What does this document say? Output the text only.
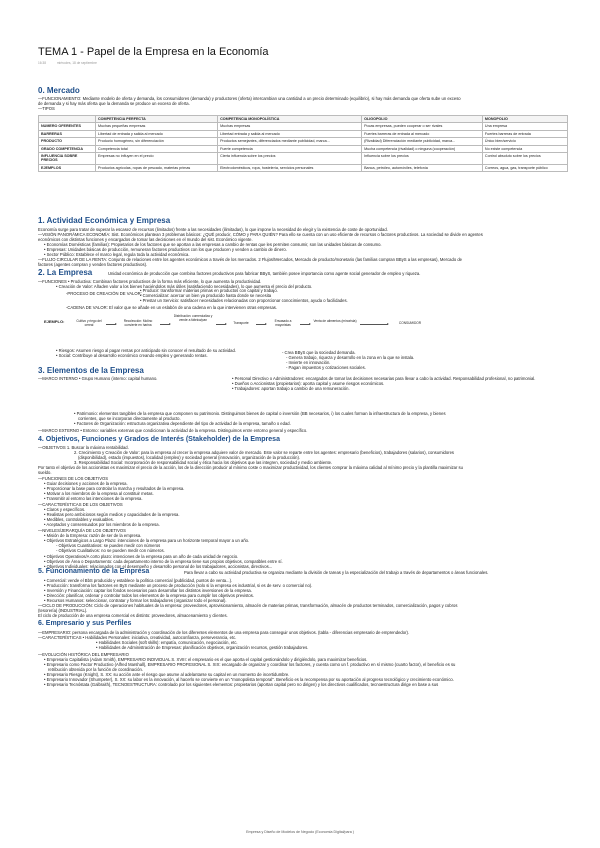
TEMA 1 - Papel de la Empresa en la Economía
16:38	miércoles, 18 de septiembre
0. Mercado
—FUNCIONAMIENTO: Mediante modelo de oferta y demanda, los consumidores (demanda) y productores (oferta) intercambian una cantidad a un precio determinado (equilibrio), si hay más demanda que oferta sube un exceso
de demanda y si hay más oferta que la demanda se produce un exceso de oferta.
—TIPOS
	COMPETENCIA PERFECTA	COMPETENCIA MONOPOLÍSTICA	OLIGOPOLIO	MONOPOLIO
NUMERO OFERENTES	Muchas pequeñas empresas	Muchas empresas	Pocas empresas, pueden cooperar o ser rivales	Una empresa
BARRERAS	Libertad de entrada y salida al mercado	Libertad entrada y salida al mercado	Fuertes barreras de entrada al mercado	Fuertes barreras de entrada
PRODUCTO	Producto homogéneo, sin diferenciación	Productos semejantes, diferenciados mediante publicidad, marca...	(Rivalidad) Diferenciación mediante publicidad, marca...	Único bien/servicio
GRADO COMPETENCIA	Competencia total	Fuerte competencia	Mucha competencia (rivalidad) o ninguna (cooperación)	No existe competencia
INFLUENCIA SOBRE PRECIOS	Empresas no influyen en el precio	Cierta influencia sobre los precios	Influencia sobre los precios	Control absoluto sobre los precios
EJEMPLOS	Productos agrícolas, ropas de pescado, materias primas	Electrodomésticos, ropa, hostelería, servicios personales	Banca, petróleo, automóviles, telefonía	Correos, agua, gas, transporte público
1. Actividad Económica y Empresa
Economía surge para tratar de superar la escasez de recursos (limitados) frente a las necesidades (ilimitadas), lo que impone la necesidad de elegir y la existencia de coste de oportunidad.
—VISIÓN PANORÁMICA ECONOMÍA: Sist. Económicos plantean 3 problemas básicos: ¿QUÉ producir, CÓMO y PARA QUIÉN? Para ello se cuenta con un uso eficiente de recursos o factores productivos. La sociedad se divide en agentes
económicos con distintas funciones y encargados de tomar las decisiones en el mundo del sist. Económico vigente.
• Economías Domésticas (familias): Propietarios de los factores que se aportan a las empresas a cambio de rentas que les permiten consumir, son las unidades básicas de consumo.
• Empresas: Unidades básicas de producción, remuneran factores productivos con los que producen y venden a cambio de dinero.
• Sector Público: Establece el marco legal, regula toda la actividad económica.
—FLUJO CIRCULAR DE LA RENTA: Conjunto de relaciones entre los agentes económicos a través de los mercados. 2 Flujos/Mercados, Mercado de producto/monetario (las familias compran BByS a las empresas), Mercado de
factores (agentes compran y venden factores productivos).
2. La Empresa	Unidad económica de producción que combina factores productivos para fabricar BByS, también posee importancia como agente social generador de empleo y riqueza.
—FUNCIONES • Productiva: Combinan factores productivos de la forma más eficiente, lo que aumenta la productividad.
• Creación de Valor: Añaden valor a los bienes haciéndolos más útiles (satisfaciendo necesidades), lo que aumenta el precio del producto.
-PROCESO DE CREACIÓN DE VALOR:
• Producir: transformar materias primas en productos con capital y trabajo.
• Comercializar: acercar un bien ya producido hasta donde se necesita
• Prestar un Servicio: satisfacer necesidades relacionadas con proporcionar conocimientos, ayuda o facilidades.
-CADENA DE VALOR: El valor que se añade en un eslabón de una cadena en la que intervienen otras empresas.
EJEMPLO:	Cultivo y riego del cereal
Recolección: Molino convierte en harina
Distribución: comercializa y vende a fábrica/pan
Transporte	Envasado a mayoristas
Venta de alimentos (minorista)	CONSUMIDOR
• Riesgos: Asumen riesgo al pagar rentas por anticipado sin conocer el resultado de su actividad.
• Social: Contribuye al desarrollo económico creando empleo y generando rentas.
- Crea BByS que la sociedad demanda.
- Genera trabajo, riqueza y desarrollo en la zona en la que se instala.
- Invierte en innovación.
- Pagan impuestos y cotizaciones sociales.
3. Elementos de la Empresa
—MARCO INTERNO • Grupo Humano (interno: capital humano.	• Personal Directivo o Administradores: encargados de tomar las decisiones necesarias para llevar a cabo la actividad. Responsabilidad profesional, no patrimonial.
• Dueños o Accionistas (propietarios): aporta capital y asume riesgos económicos.
• Trabajadores: aportan trabajo a cambio de una remuneración.
• Patrimonio: elementos tangibles de la empresa que componen su patrimonio. Distinguimos bienes de capital o inversión (BB necesarios, i) los cuales forman la infraestructura de la empresa, y bienes
corrientes, que se incorporan directamente al producto.
• Factores de Organización: estructura organizativa dependiente del tipo de actividad de la empresa, tamaño o edad.
—MARCO EXTERNO • Entorno: variables externas que condicionan la actividad de la empresa. Distinguimos entre entorno general y específico.
4. Objetivos, Funciones y Grados de Interés (Stakeholder) de la Empresa
—OBJETIVOS 1. Buscar la máxima rentabilidad.
2. Crecimiento y Creación de Valor: para la empresa al crecer la empresa adquiere valor de mercado. Este valor se reparte entre los agentes: empresario (beneficios), trabajadores (salarios), consumidores
(disponibilidad), estado (impuestos), localidad (empleo) y sociedad general (innovación, organización de la producción).
3. Responsabilidad Social: Incorporación de responsabilidad social y ética hacia los objetivos que las integren, sociedad y medio ambiente.
Por tanto el objetivo de los accionistas es maximizar el precio de la acción, los de la dirección producir al mínimo coste o maximizar productividad, los clientes comprar la máxima calidad al mínimo precio y la plantilla maximizar su
sueldo.
—FUNCIONES DE LOS OBJETIVOS
• Guiar decisiones y acciones de la empresa.
• Proporcionar la base para controlar la marcha y resultados de la empresa.
• Motivar a los miembros de la empresa al constituir metas.
• Transmitir al entorno las intenciones de la empresa.
—CARACTERÍSTICAS DE LOS OBJETIVOS
• Claros y específicos.
• Realistas pero ambiciosos según medios y capacidades de la empresa.
• Medibles, controlables y evaluables.
• Aceptados y consensuados por los miembros de la empresa.
—NIVELES/JERARQUÍA DE LOS OBJETIVOS
• Misión de la Empresa: razón de ser de la empresa.
• Objetivos Estratégicos a Largo Plazo: intenciones de la empresa para un horizonte temporal mayor a un año.
- Objetivos Cuantitativos: se pueden medir con números
- Objetivos Cualitativos: no se pueden medir con números.
• Objetivos Operativos/A corto plazo: intenciones de la empresa para un año de cada unidad de negocio.
• Objetivos de Área o Departamento: cada departamento interno de la empresa tiene sus propios objetivos, compatibles entre sí.
• Objetivos Individuales: relacionados con el desempeño y desarrollo personal de los trabajadores, accionistas, directivos...
5. Funcionamiento de la Empresa	Para llevar a cabo su actividad productiva se organiza mediante la división de tareas y la especialización del trabajo a través de departamentos o áreas funcionales.
• Comercial: vende el BbS producido y establece la política comercial (publicidad, puntos de venta...).
• Producción: transforma los factores en ByS mediante un proceso de producción (solo si la empresa es industrial, si es de serv. o comercial no).
• Inversión y Financiación: captar los fondos necesarios para desarrollar los distintos inversiones de la empresa.
• Dirección: planificar, ordenar y controlar todos los elementos de la empresa para cumplir los objetivos previstos.
• Recursos Humanos: seleccionar, contratar y formar los trabajadores (organizar todo el personal).
—CICLO DE PRODUCCIÓN: Ciclo de operaciones habituales de la empresa: proveedores, aprovisionamiento, almacén de materias primas, transformación, almacén de productos terminados, comercialización, pagos y cobros
(tesorería) (INDUSTRIAL).
El ciclo de producción de una empresa comercial es distinto: proveedores, almacenamiento y clientes.
6. Empresario y sus Perfiles
—EMPRESARIO: persona encargada de la administración y coordinación de los diferentes elementos de una empresa para conseguir unos objetivos. (tabla - diferencias empresario de emprendedor).
—CARACTERÍSTICAS • Habilidades Personales: iniciativa, creatividad, autoconfianza, perseverancia, etc.
• Habilidades Sociales (soft skills): empatía, comunicación, negociación, etc.
• Habilidades de Administración de Empresas: planificación objetivos, organización recursos, gestión trabajadores.
—EVOLUCIÓN HISTÓRICA DEL EMPRESARIO
• Empresario Capitalista (Adam Smith), EMPRESARIO INDIVIDUAL S. XVIII: el empresario es el que aporta el capital gestionándolo y dirigiéndolo, para maximizar beneficios.
• Empresario como Factor Productivo (Alfred Marshall), EMPRESARIO PROFESIONAL S. XIX: encargado de organizar y coordinar los factores, y cuenta como un f. productivo en sí mismo (cuarto factor), el beneficio es su
retribución obtenida por la función de coordinación.
• Empresario Riesgo (Knight), S. XX: su acción ante el riesgo que asume al adelantarse su capital en un momento de incertidumbre.
• Empresario Innovador (Shumpeter), S. XX: su labor es la innovación, al hacerlo se convierte en un "monopolista temporal". Beneficio es la recompensa por su aportación al progreso tecnológico y crecimiento económico.
• Empresario Tecnóstata (Galbraith), TECNOESTRUCTURA: controlado por los siguientes elementos: propietarios (aportan capital pero no dirigen) y los directivos cualificados, tecnoestructura dirige en base a sus
Empresa y Diseño de Modelos de Negocio (Economía Digital/para )
